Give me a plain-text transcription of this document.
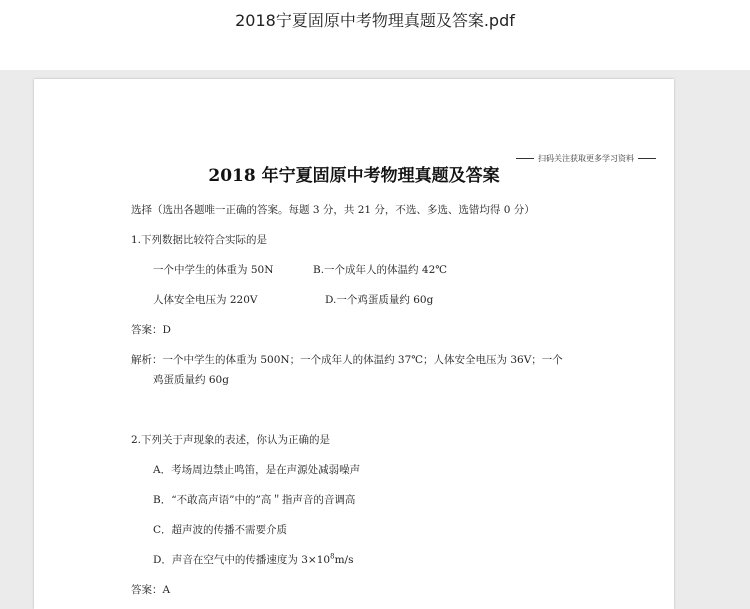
2018宁夏固原中考物理真题及答案.pdf
扫码关注获取更多学习资料
2018 年宁夏固原中考物理真题及答案
选择（选出各题唯一正确的答案。每题 3 分，共 21 分，不选、多选、选错均得 0 分）
1.下列数据比较符合实际的是
一个中学生的体重为 50N	B.一个成年人的体温约 42℃
人体安全电压为 220V	D.一个鸡蛋质量约 60g
答案：D
解析：一个中学生的体重为 500N；一个成年人的体温约 37℃；人体安全电压为 36V；一个
鸡蛋质量约 60g
2.下列关于声现象的表述，你认为正确的是
A．考场周边禁止鸣笛，是在声源处减弱噪声
B．“不敢高声语”中的”高＂指声音的音调高
C．超声波的传播不需要介质
D．声音在空气中的传播速度为 $3\times 10^8m/s$
答案：A
